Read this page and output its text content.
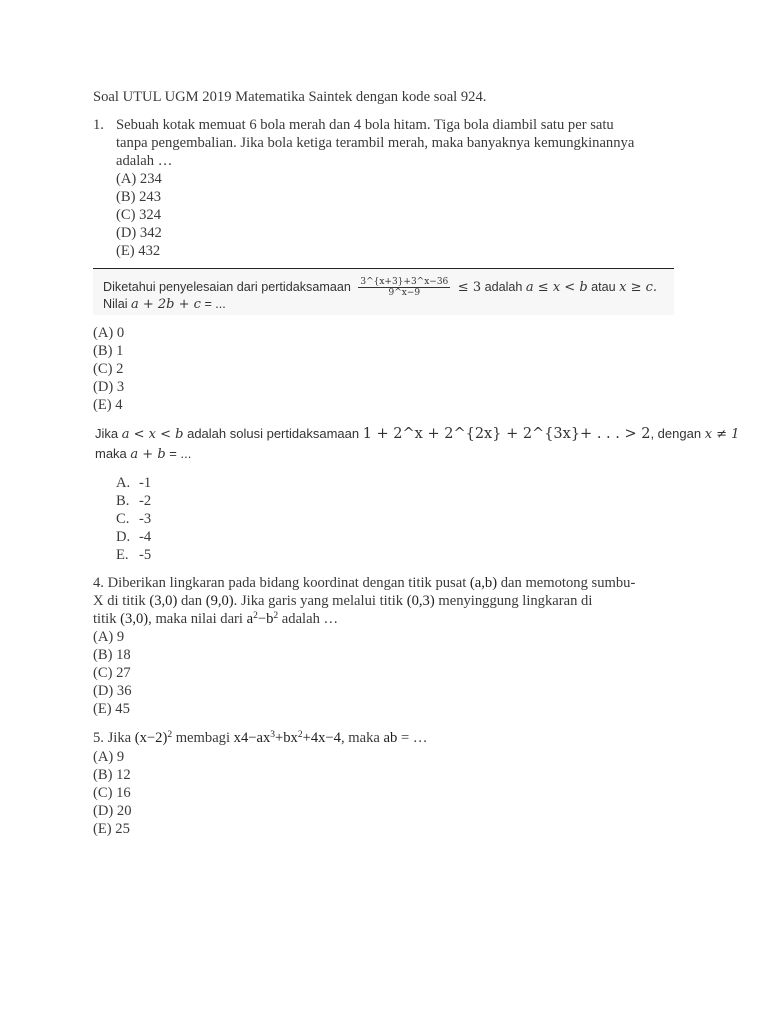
Soal UTUL UGM 2019 Matematika Saintek dengan kode soal 924.
1. Sebuah kotak memuat 6 bola merah dan 4 bola hitam. Tiga bola diambil satu per satu
tanpa pengembalian. Jika bola ketiga terambil merah, maka banyaknya kemungkinannya
adalah …
(A) 234
(B) 243
(C) 324
(D) 342
(E) 432
Diketahui penyelesaian dari pertidaksamaan $\frac{3\^{}\{x+3\}+3\^{}x-36}{9\^{}x-9} \le 3$ adalah a ≤ x < b atau x ≥ c.
Nilai a + 2b + c = ...
(A) 0
(B) 1
(C) 2
(D) 3
(E) 4
Jika a < x < b adalah solusi pertidaksamaan 1 + 2^x + 2^{2x} + 2^{3x}+ . . . > 2, dengan x ≠ 1
maka a + b = ...
A. -1
B. -2
C. -3
D. -4
E. -5
4. Diberikan lingkaran pada bidang koordinat dengan titik pusat (a,b) dan memotong sumbu-
X di titik (3,0) dan (9,0). Jika garis yang melalui titik (0,3) menyinggung lingkaran di
titik (3,0), maka nilai dari $a^2-b^2$ adalah …
(A) 9
(B) 18
(C) 27
(D) 36
(E) 45
5. Jika $(x-2)^2$ membagi $x4-ax^3+bx^2+4x-4$, maka ab = …
(A) 9
(B) 12
(C) 16
(D) 20
(E) 25
